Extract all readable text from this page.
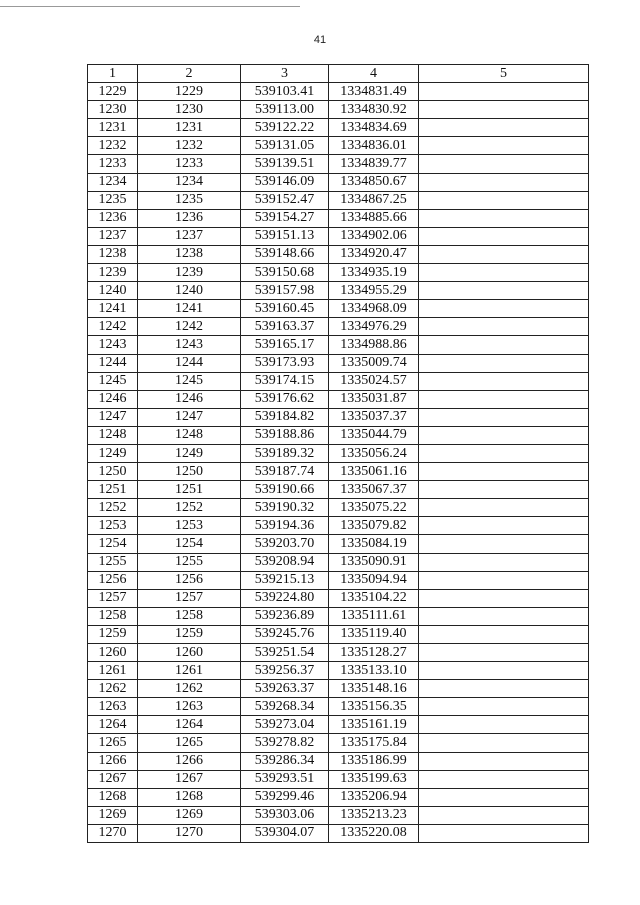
41
1	2	3	4	5
1229	1229	539103.41	1334831.49	
1230	1230	539113.00	1334830.92	
1231	1231	539122.22	1334834.69	
1232	1232	539131.05	1334836.01	
1233	1233	539139.51	1334839.77	
1234	1234	539146.09	1334850.67	
1235	1235	539152.47	1334867.25	
1236	1236	539154.27	1334885.66	
1237	1237	539151.13	1334902.06	
1238	1238	539148.66	1334920.47	
1239	1239	539150.68	1334935.19	
1240	1240	539157.98	1334955.29	
1241	1241	539160.45	1334968.09	
1242	1242	539163.37	1334976.29	
1243	1243	539165.17	1334988.86	
1244	1244	539173.93	1335009.74	
1245	1245	539174.15	1335024.57	
1246	1246	539176.62	1335031.87	
1247	1247	539184.82	1335037.37	
1248	1248	539188.86	1335044.79	
1249	1249	539189.32	1335056.24	
1250	1250	539187.74	1335061.16	
1251	1251	539190.66	1335067.37	
1252	1252	539190.32	1335075.22	
1253	1253	539194.36	1335079.82	
1254	1254	539203.70	1335084.19	
1255	1255	539208.94	1335090.91	
1256	1256	539215.13	1335094.94	
1257	1257	539224.80	1335104.22	
1258	1258	539236.89	1335111.61	
1259	1259	539245.76	1335119.40	
1260	1260	539251.54	1335128.27	
1261	1261	539256.37	1335133.10	
1262	1262	539263.37	1335148.16	
1263	1263	539268.34	1335156.35	
1264	1264	539273.04	1335161.19	
1265	1265	539278.82	1335175.84	
1266	1266	539286.34	1335186.99	
1267	1267	539293.51	1335199.63	
1268	1268	539299.46	1335206.94	
1269	1269	539303.06	1335213.23	
1270	1270	539304.07	1335220.08	
